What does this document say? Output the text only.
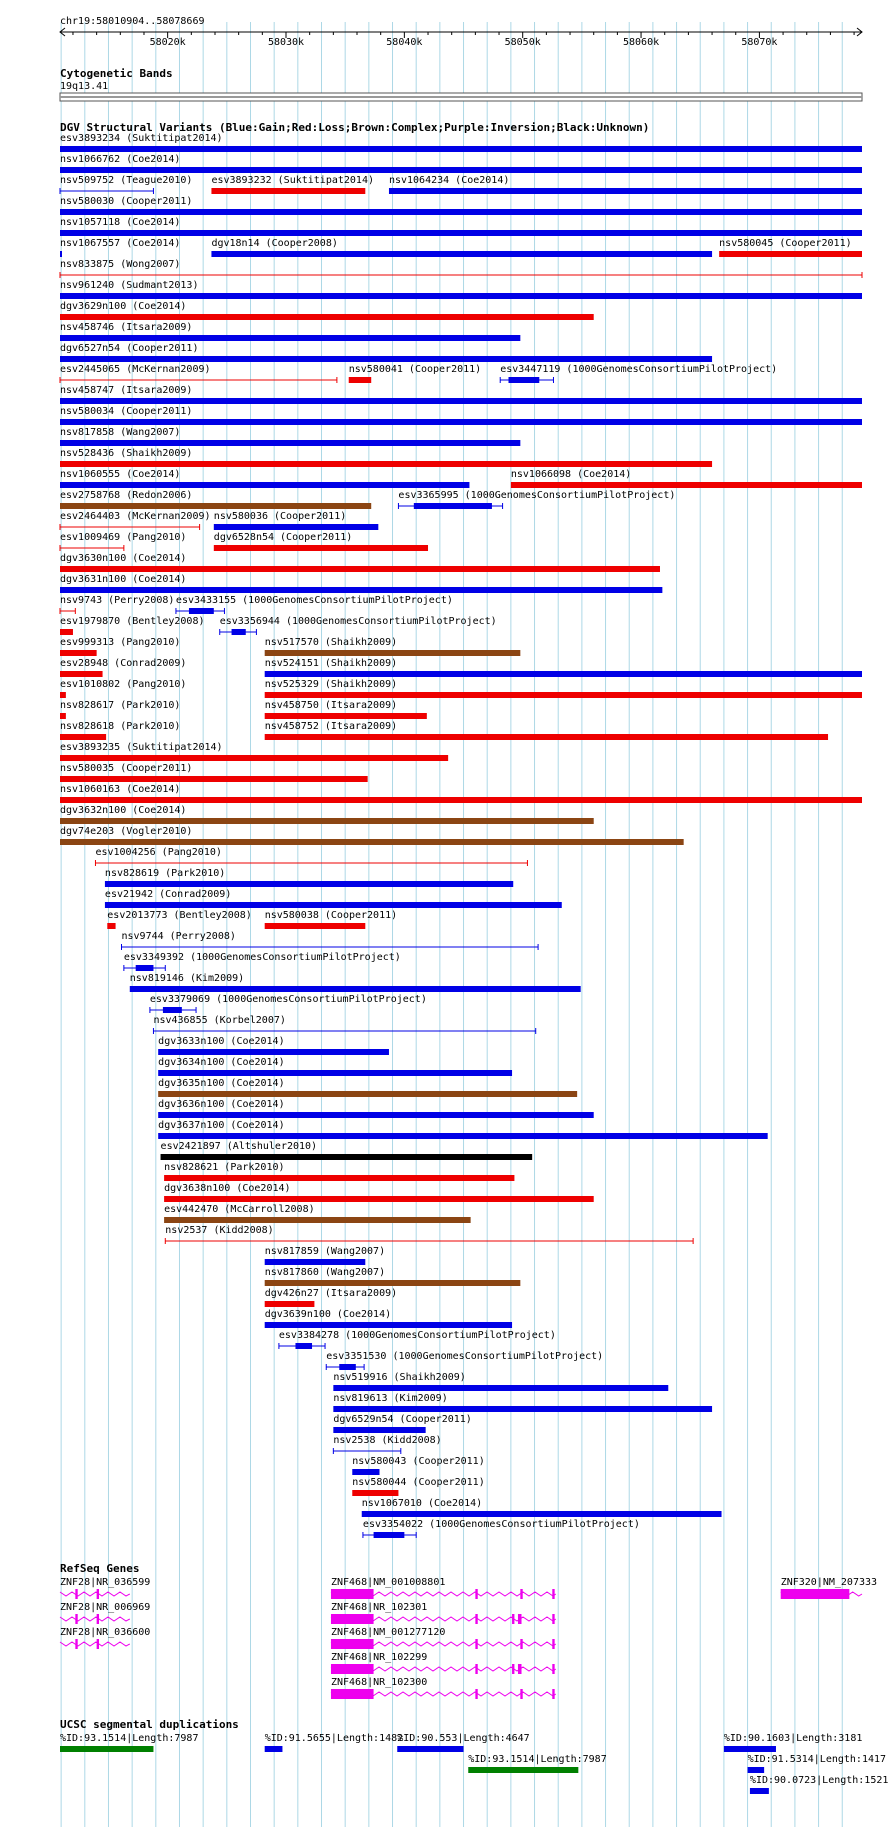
chr19:58010904..58078669
58020k	58030k	58040k	58050k	58060k	58070k
Cytogenetic Bands
19q13.41
DGV Structural Variants (Blue:Gain;Red:Loss;Brown:Complex;Purple:Inversion;Black:Unknown)
esv3893234 (Suktitipat2014)
nsv1066762 (Coe2014)
nsv509752 (Teague2010) esv3893232 (Suktitipat2014) nsv1064234 (Coe2014)
nsv580030 (Cooper2011)
nsv1057118 (Coe2014)
nsv1067557 (Coe2014)	dgv18n14 (Cooper2008)	nsv580045 (Cooper2011)
nsv833875 (Wong2007)
nsv961240 (Sudmant2013)
dgv3629n100 (Coe2014)
nsv458746 (Itsara2009)
dgv6527n54 (Cooper2011)
esv2445065 (McKernan2009)	nsv580041 (Cooper2011) esv3447119 (1000GenomesConsortiumPilotProject)
nsv458747 (Itsara2009)
nsv580034 (Cooper2011)
nsv817858 (Wang2007)
nsv528436 (Shaikh2009)
nsv1060555 (Coe2014)	nsv1066098 (Coe2014)
esv2758768 (Redon2006)	esv3365995 (1000GenomesConsortiumPilotProject)
esv2464403 (McKernan2009) nsv580036 (Cooper2011)
esv1009469 (Pang2010)	dgv6528n54 (Cooper2011)
dgv3630n100 (Coe2014)
dgv3631n100 (Coe2014)
nsv9743 (Perry2008) esv3433155 (1000GenomesConsortiumPilotProject)
esv1979870 (Bentley2008) esv3356944 (1000GenomesConsortiumPilotProject)
esv999313 (Pang2010)	nsv517570 (Shaikh2009)
esv28948 (Conrad2009)	nsv524151 (Shaikh2009)
esv1010802 (Pang2010)	nsv525329 (Shaikh2009)
nsv828617 (Park2010)	nsv458750 (Itsara2009)
nsv828618 (Park2010)	nsv458752 (Itsara2009)
esv3893235 (Suktitipat2014)
nsv580035 (Cooper2011)
nsv1060163 (Coe2014)
dgv3632n100 (Coe2014)
dgv74e203 (Vogler2010)
esv1004256 (Pang2010)
nsv828619 (Park2010)
esv21942 (Conrad2009)
esv2013773 (Bentley2008) nsv580038 (Cooper2011)
nsv9744 (Perry2008)
esv3349392 (1000GenomesConsortiumPilotProject)
nsv819146 (Kim2009)
esv3379069 (1000GenomesConsortiumPilotProject)
nsv436855 (Korbel2007)
dgv3633n100 (Coe2014)
dgv3634n100 (Coe2014)
dgv3635n100 (Coe2014)
dgv3636n100 (Coe2014)
dgv3637n100 (Coe2014)
esv2421897 (Altshuler2010)
nsv828621 (Park2010)
dgv3638n100 (Coe2014)
esv442470 (McCarroll2008)
nsv2537 (Kidd2008)
nsv817859 (Wang2007)
nsv817860 (Wang2007)
dgv426n27 (Itsara2009)
dgv3639n100 (Coe2014)
esv3384278 (1000GenomesConsortiumPilotProject)
esv3351530 (1000GenomesConsortiumPilotProject)
nsv519916 (Shaikh2009)
nsv819613 (Kim2009)
dgv6529n54 (Cooper2011)
nsv2538 (Kidd2008)
nsv580043 (Cooper2011)
nsv580044 (Cooper2011)
nsv1067010 (Coe2014)
esv3354022 (1000GenomesConsortiumPilotProject)
RefSeq Genes
ZNF28|NR_036599
ZNF28|NR_006969
ZNF28|NR_036600
ZNF468|NM_001008801
ZNF468|NR_102301
ZNF468|NM_001277120
ZNF468|NR_102299
ZNF468|NR_102300
ZNF320|NM_207333
UCSC segmental duplications
%ID:93.1514|Length:7987	%ID:91.5655|Length:1482
%ID:90.553|Length:4647
%ID:93.1514|Length:7987
%ID:90.1603|Length:3181
%ID:91.5314|Length:1417
%ID:90.0723|Length:1521
